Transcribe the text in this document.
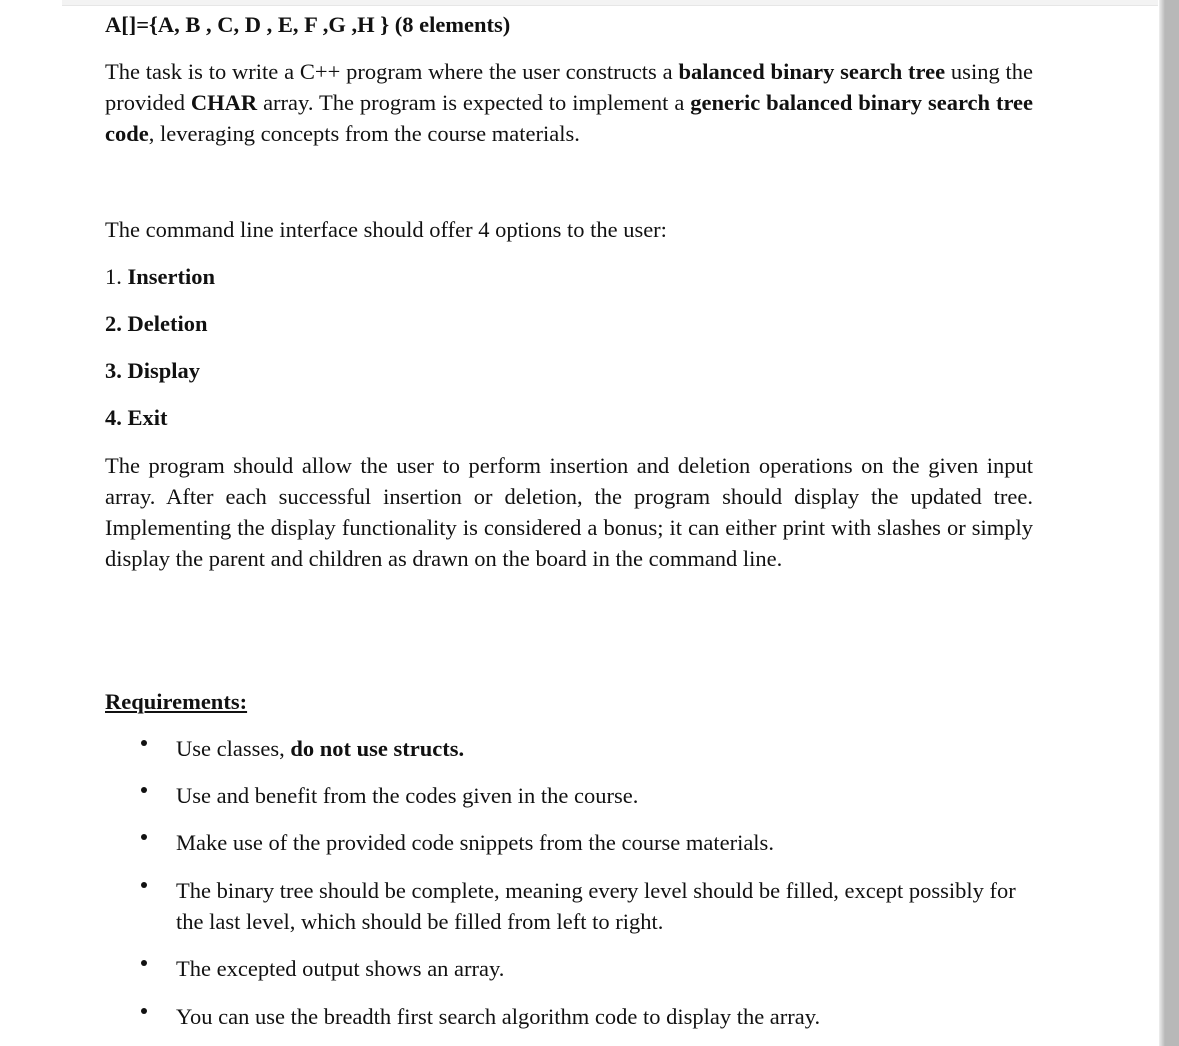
A[]={A, B , C, D , E, F ,G ,H } (8 elements)

The task is to write a C++ program where the user constructs a balanced binary search tree using the provided CHAR array. The program is expected to implement a generic balanced binary search tree code, leveraging concepts from the course materials.

The command line interface should offer 4 options to the user:
1. Insertion
2. Deletion
3. Display
4. Exit

The program should allow the user to perform insertion and deletion operations on the given input array. After each successful insertion or deletion, the program should display the updated tree. Implementing the display functionality is considered a bonus; it can either print with slashes or simply display the parent and children as drawn on the board in the command line.

Requirements:

Use classes, do not use structs.

Use and benefit from the codes given in the course.

Make use of the provided code snippets from the course materials.

The binary tree should be complete, meaning every level should be filled, except possibly for the last level, which should be filled from left to right.

The excepted output shows an array.

You can use the breadth first search algorithm code to display the array.
